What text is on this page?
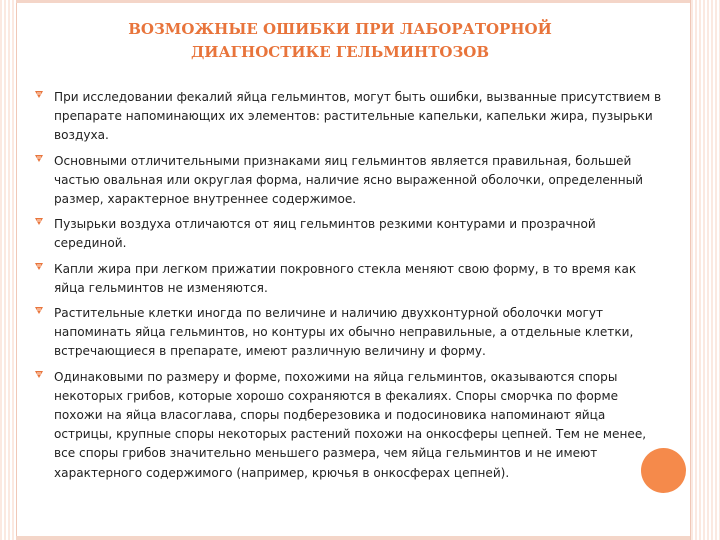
ВОЗМОЖНЫЕ ОШИБКИ ПРИ ЛАБОРАТОРНОЙ
ДИАГНОСТИКЕ ГЕЛЬМИНТОЗОВ
При исследовании фекалий яйца гельминтов, могут быть ошибки, вызванные присутствием в препарате напоминающих их элементов: растительные капельки, капельки жира, пузырьки воздуха.
Основными отличительными признаками яиц гельминтов является правильная, большей частью овальная или округлая форма, наличие ясно выраженной оболочки, определенный размер, характерное внутреннее содержимое.
Пузырьки воздуха отличаются от яиц гельминтов резкими контурами и прозрачной серединой.
Капли жира при легком прижатии покровного стекла меняют свою форму, в то время как яйца гельминтов не изменяются.
Растительные клетки иногда по величине и наличию двухконтурной оболочки могут напоминать яйца гельминтов, но контуры их обычно неправильные, а отдельные клетки, встречающиеся в препарате, имеют различную величину и форму.
Одинаковыми по размеру и форме, похожими на яйца гельминтов, оказываются споры некоторых грибов, которые хорошо сохраняются в фекалиях. Споры сморчка по форме похожи на яйца власоглава, споры подберезовика и подосиновика напоминают яйца острицы, крупные споры некоторых растений похожи на онкосферы цепней. Тем не менее, все споры грибов значительно меньшего размера, чем яйца гельминтов и не имеют характерного содержимого (например, крючья в онкосферах цепней).
